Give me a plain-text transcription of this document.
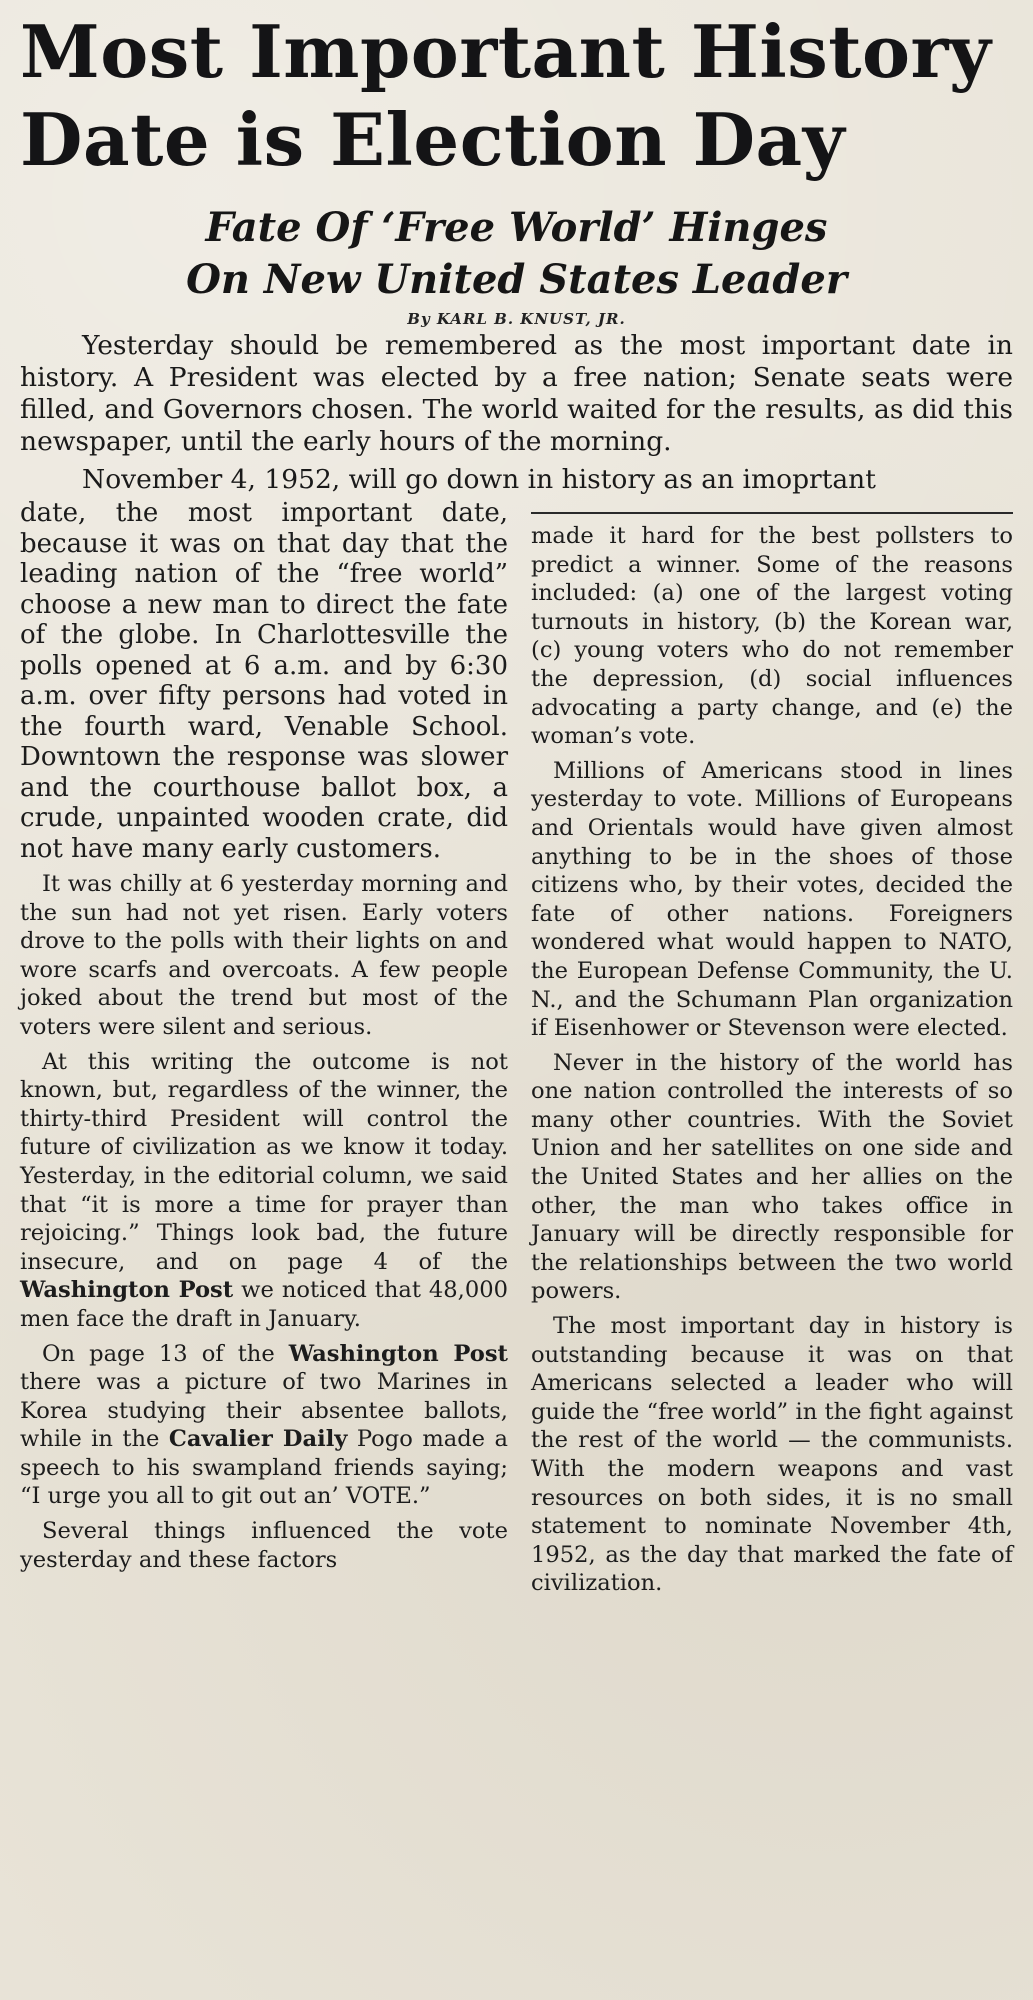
Most Important History
Date is Election Day
Fate Of ‘Free World’ Hinges
On New United States Leader
By KARL B. KNUST, JR.

Yesterday should be remembered as the most important date in history. A President was elected by a free nation; Senate seats were filled, and Governors chosen. The world waited for the results, as did this newspaper, until the early hours of the morning.

November 4, 1952, will go down in history as an imoprtant

date, the most important date, because it was on that day that the leading nation of the “free world” choose a new man to direct the fate of the globe. In Charlottesville the polls opened at 6 a.m. and by 6:30 a.m. over fifty persons had voted in the fourth ward, Venable School. Downtown the response was slower and the courthouse ballot box, a crude, unpainted wooden crate, did not have many early customers.

It was chilly at 6 yesterday morning and the sun had not yet risen. Early voters drove to the polls with their lights on and wore scarfs and overcoats. A few people joked about the trend but most of the voters were silent and serious.

At this writing the outcome is not known, but, regardless of the winner, the thirty-third President will control the future of civilization as we know it today. Yesterday, in the editorial column, we said that “it is more a time for prayer than rejoicing.” Things look bad, the future insecure, and on page 4 of the Washington Post we noticed that 48,000 men face the draft in January.

On page 13 of the Washington Post there was a picture of two Marines in Korea studying their absentee ballots, while in the Cavalier Daily Pogo made a speech to his swampland friends saying; “I urge you all to git out an’ VOTE.”

Several things influenced the vote yesterday and these factors

made it hard for the best pollsters to predict a winner. Some of the reasons included: (a) one of the largest voting turnouts in history, (b) the Korean war, (c) young voters who do not remember the depression, (d) social influences advocating a party change, and (e) the woman’s vote.

Millions of Americans stood in lines yesterday to vote. Millions of Europeans and Orientals would have given almost anything to be in the shoes of those citizens who, by their votes, decided the fate of other nations. Foreigners wondered what would happen to NATO, the European Defense Community, the U. N., and the Schumann Plan organization if Eisenhower or Stevenson were elected.

Never in the history of the world has one nation controlled the interests of so many other countries. With the Soviet Union and her satellites on one side and the United States and her allies on the other, the man who takes office in January will be directly responsible for the relationships between the two world powers.

The most important day in history is outstanding because it was on that Americans selected a leader who will guide the “free world” in the fight against the rest of the world — the communists. With the modern weapons and vast resources on both sides, it is no small statement to nominate November 4th, 1952, as the day that marked the fate of civilization.
